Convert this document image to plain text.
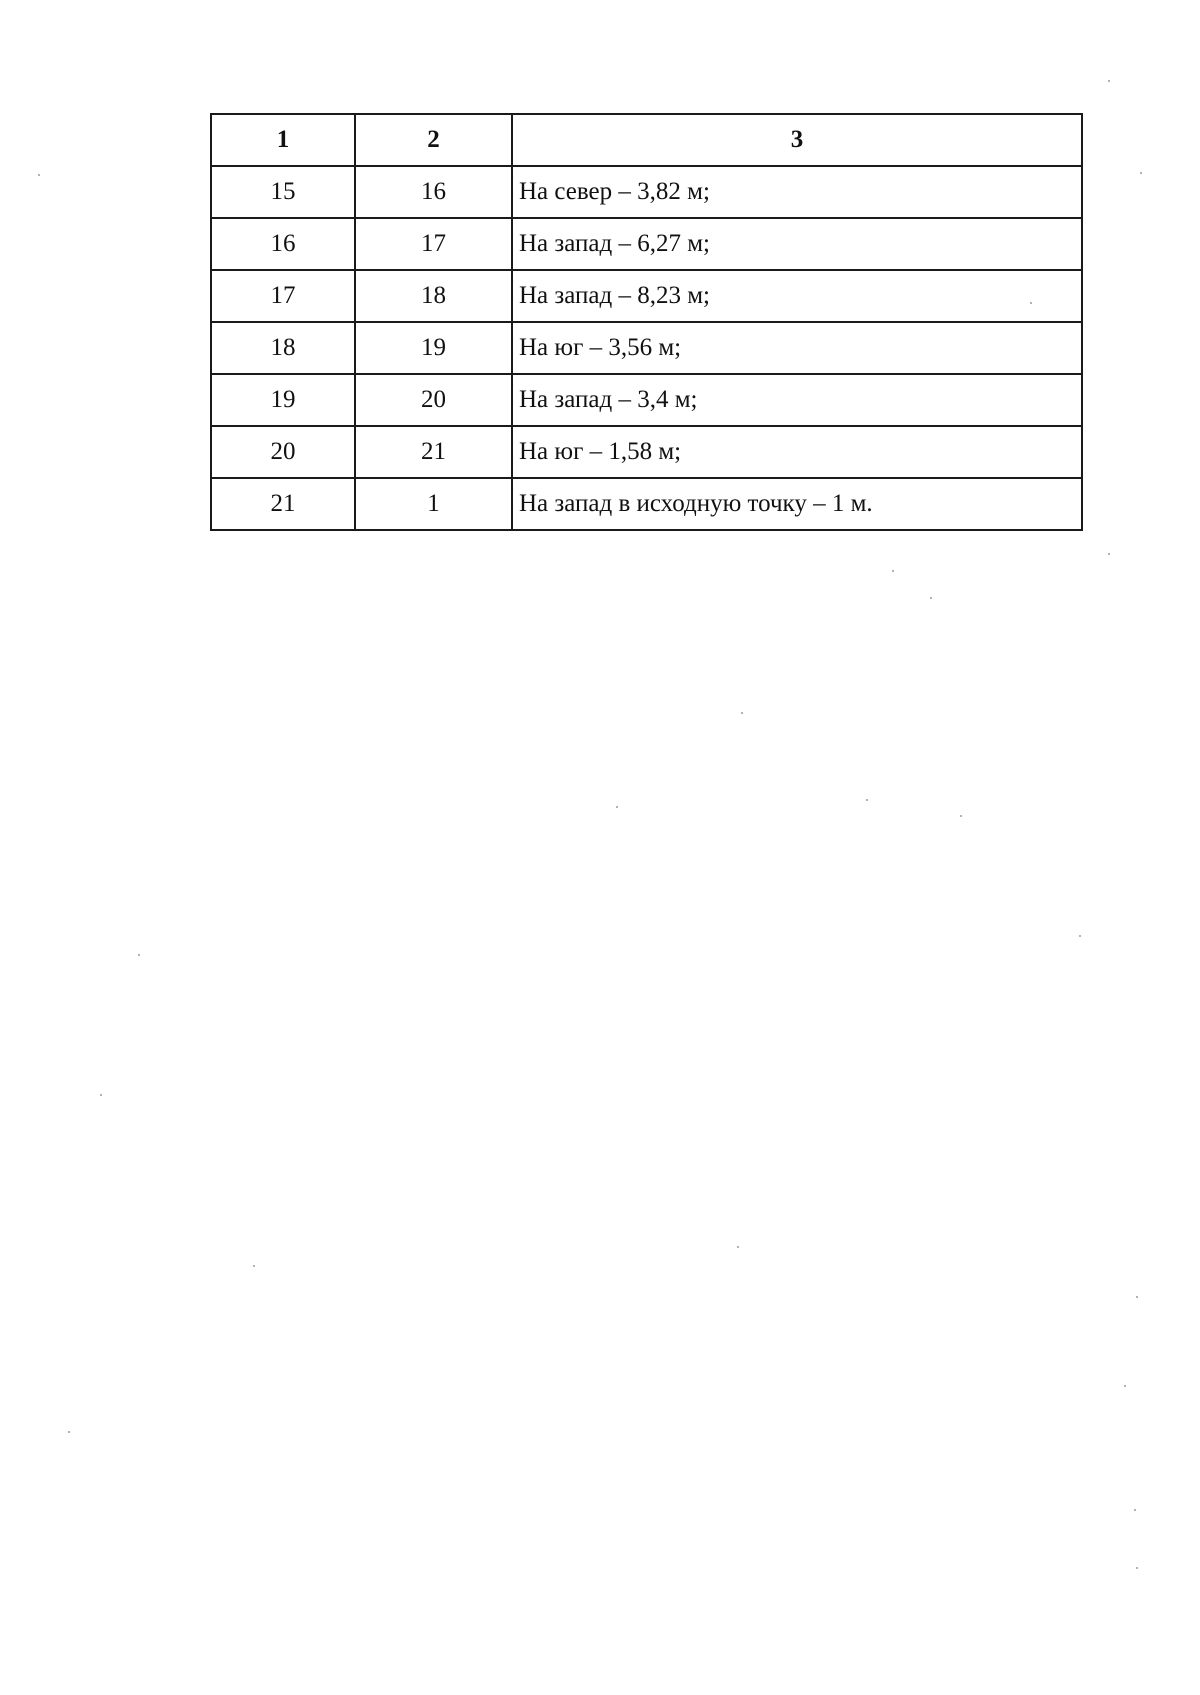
1	2	3
15	16	На север – 3,82 м;
16	17	На запад – 6,27 м;
17	18	На запад – 8,23 м;
18	19	На юг – 3,56 м;
19	20	На запад – 3,4 м;
20	21	На юг – 1,58 м;
21	1	На запад в исходную точку – 1 м.
